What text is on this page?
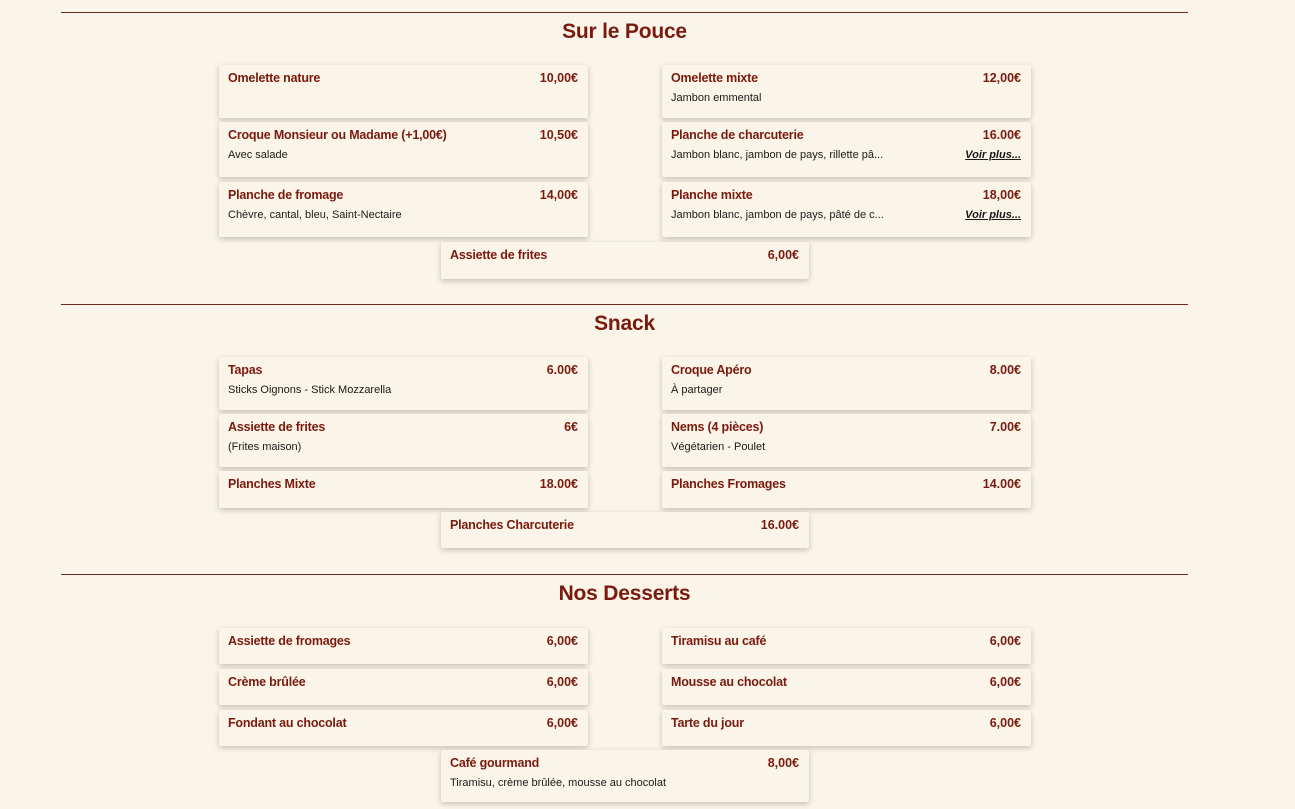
Sur le Pouce
Omelette nature	10,00€	Omelette mixte	12,00€
Jambon emmental
Croque Monsieur ou Madame (+1,00€)	10,50€
Avec salade
Planche de charcuterie	16.00€
Jambon blanc, jambon de pays, rillette pâ...	Voir plus...
Planche de fromage	14,00€
Chèvre, cantal, bleu, Saint-Nectaire
Planche mixte	18,00€
Jambon blanc, jambon de pays, pâté de c...	Voir plus...
Assiette de frites	6,00€
Snack
Tapas	6.00€
Sticks Oignons - Stick Mozzarella
Croque Apéro	8.00€
À partager
Assiette de frites	6€
(Frites maison)
Nems (4 pièces)	7.00€
Végétarien - Poulet
Planches Mixte	18.00€	Planches Fromages	14.00€
Planches Charcuterie	16.00€
Nos Desserts
Assiette de fromages	6,00€	Tiramisu au café	6,00€
Crème brûlée	6,00€	Mousse au chocolat	6,00€
Fondant au chocolat	6,00€	Tarte du jour	6,00€
Café gourmand	8,00€
Tiramisu, crème brûlée, mousse au chocolat
